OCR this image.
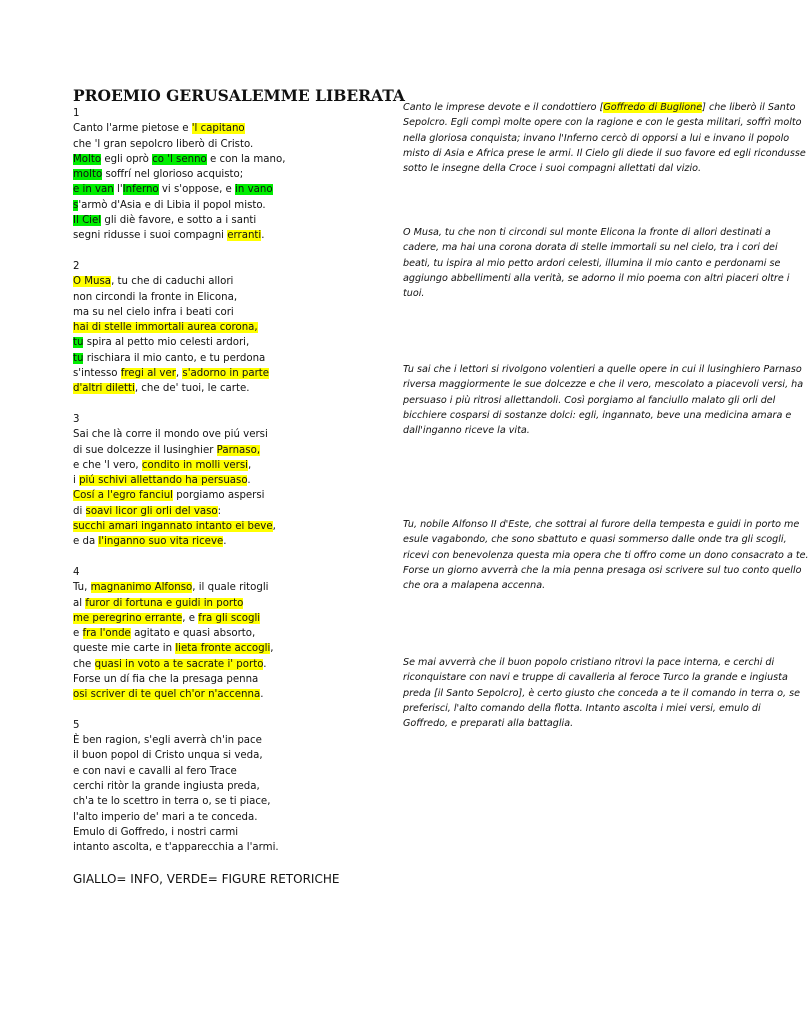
PROEMIO GERUSALEMME LIBERATA
1
Canto l'arme pietose e 'l capitano
che 'l gran sepolcro liberò di Cristo.
Molto egli oprò co 'l senno e con la mano,
molto soffrí nel glorioso acquisto;
e in van l'Inferno vi s'oppose, e in vano
s'armò d'Asia e di Libia il popol misto.
Il Ciel gli diè favore, e sotto a i santi
segni ridusse i suoi compagni erranti.
2
O Musa, tu che di caduchi allori
non circondi la fronte in Elicona,
ma su nel cielo infra i beati cori
hai di stelle immortali aurea corona,
tu spira al petto mio celesti ardori,
tu rischiara il mio canto, e tu perdona
s'intesso fregi al ver, s'adorno in parte
d'altri diletti, che de' tuoi, le carte.
3
Sai che là corre il mondo ove piú versi
di sue dolcezze il lusinghier Parnaso,
e che 'l vero, condito in molli versi,
i piú schivi allettando ha persuaso.
Cosí a l'egro fanciul porgiamo aspersi
di soavi licor gli orli del vaso:
succhi amari ingannato intanto ei beve,
e da l'inganno suo vita riceve.
4
Tu, magnanimo Alfonso, il quale ritogli
al furor di fortuna e guidi in porto
me peregrino errante, e fra gli scogli
e fra l'onde agitato e quasi absorto,
queste mie carte in lieta fronte accogli,
che quasi in voto a te sacrate i' porto.
Forse un dí fia che la presaga penna
osi scriver di te quel ch'or n'accenna.
5
È ben ragion, s'egli averrà ch'in pace
il buon popol di Cristo unqua si veda,
e con navi e cavalli al fero Trace
cerchi ritòr la grande ingiusta preda,
ch'a te lo scettro in terra o, se ti piace,
l'alto imperio de' mari a te conceda.
Emulo di Goffredo, i nostri carmi
intanto ascolta, e t'apparecchia a l'armi.
GIALLO= INFO, VERDE= FIGURE RETORICHE
Canto le imprese devote e il condottiero [Goffredo di Buglione] che liberò il Santo
Sepolcro. Egli compì molte opere con la ragione e con le gesta militari, soffrì molto
nella gloriosa conquista; invano l'Inferno cercò di opporsi a lui e invano il popolo
misto di Asia e Africa prese le armi. Il Cielo gli diede il suo favore ed egli ricondusse
sotto le insegne della Croce i suoi compagni allettati dal vizio.
O Musa, tu che non ti circondi sul monte Elicona la fronte di allori destinati a
cadere, ma hai una corona dorata di stelle immortali su nel cielo, tra i cori dei
beati, tu ispira al mio petto ardori celesti, illumina il mio canto e perdonami se
aggiungo abbellimenti alla verità, se adorno il mio poema con altri piaceri oltre i
tuoi.
Tu sai che i lettori si rivolgono volentieri a quelle opere in cui il lusinghiero Parnaso
riversa maggiormente le sue dolcezze e che il vero, mescolato a piacevoli versi, ha
persuaso i più ritrosi allettandoli. Così porgiamo al fanciullo malato gli orli del
bicchiere cosparsi di sostanze dolci: egli, ingannato, beve una medicina amara e
dall'inganno riceve la vita.
Tu, nobile Alfonso II d'Este, che sottrai al furore della tempesta e guidi in porto me
esule vagabondo, che sono sbattuto e quasi sommerso dalle onde tra gli scogli,
ricevi con benevolenza questa mia opera che ti offro come un dono consacrato a te.
Forse un giorno avverrà che la mia penna presaga osi scrivere sul tuo conto quello
che ora a malapena accenna.
Se mai avverrà che il buon popolo cristiano ritrovi la pace interna, e cerchi di
riconquistare con navi e truppe di cavalleria al feroce Turco la grande e ingiusta
preda [il Santo Sepolcro], è certo giusto che conceda a te il comando in terra o, se
preferisci, l'alto comando della flotta. Intanto ascolta i miei versi, emulo di
Goffredo, e preparati alla battaglia.
